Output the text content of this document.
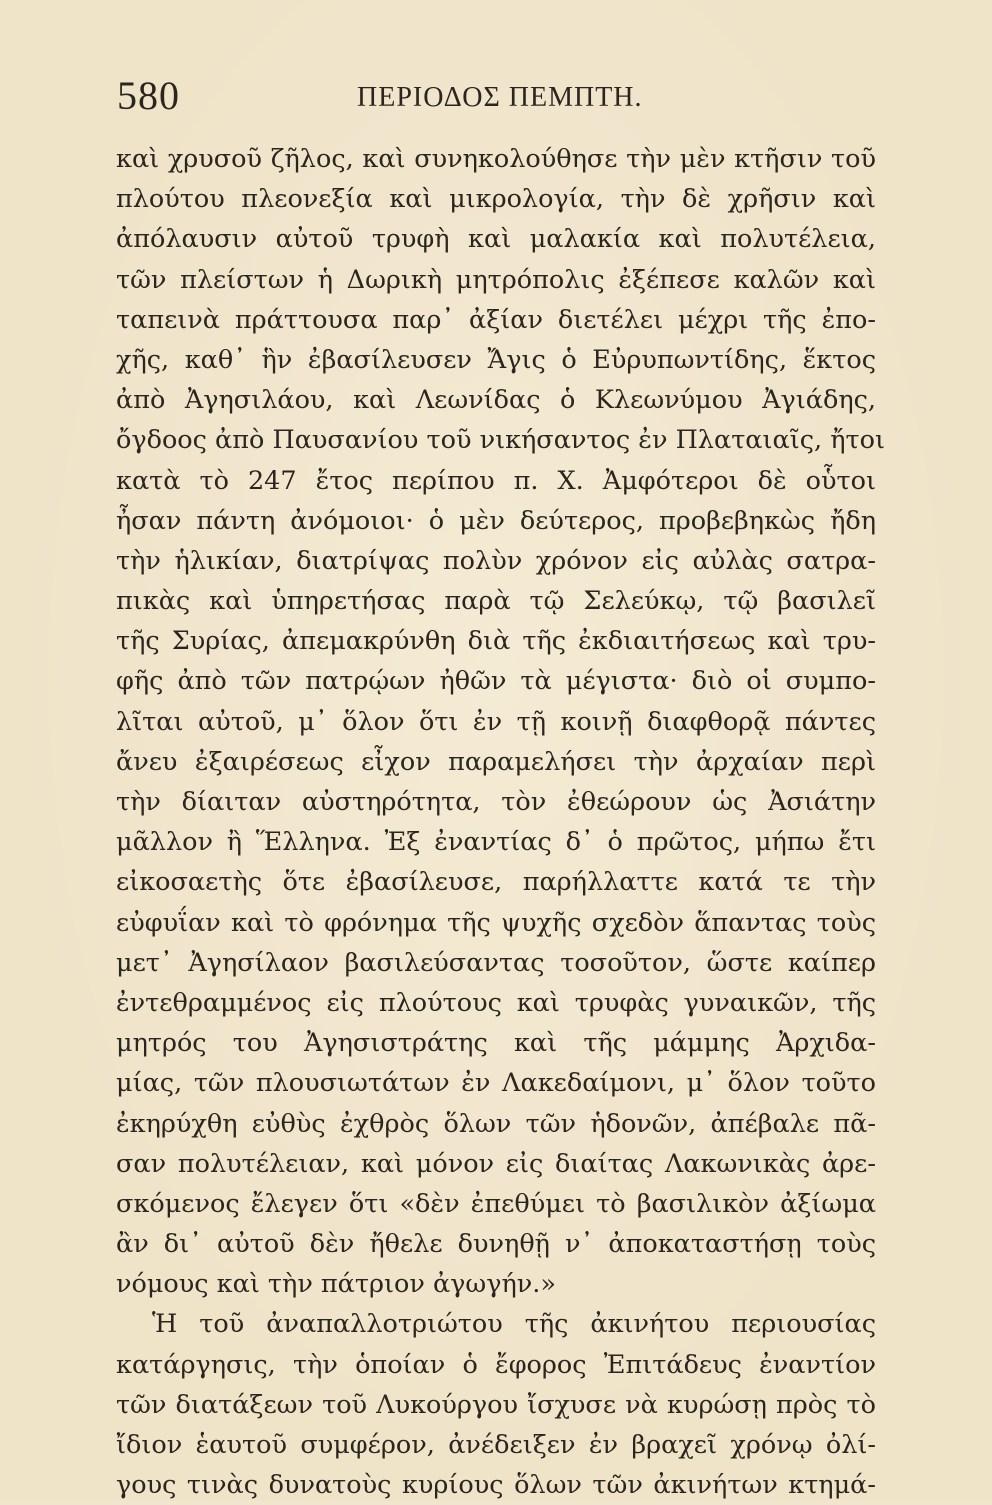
580	ΠΕΡΙΟΔΟΣ ΠΕΜΠΤΗ.
καὶ χρυσοῦ ζῆλος, καὶ συνηκολούθησε τὴν μὲν κτῆσιν τοῦ
πλούτου πλεονεξία καὶ μικρολογία, τὴν δὲ χρῆσιν καὶ
ἀπόλαυσιν αὐτοῦ τρυφὴ καὶ μαλακία καὶ πολυτέλεια,
τῶν πλείστων ἡ Δωρικὴ μητρόπολις ἐξέπεσε καλῶν καὶ
ταπεινὰ πράττουσα παρ᾽ ἀξίαν διετέλει μέχρι τῆς ἐπο-
χῆς, καθ᾽ ἣν ἐβασίλευσεν Ἄγις ὁ Εὐρυπωντίδης, ἕκτος
ἀπὸ Ἀγησιλάου, καὶ Λεωνίδας ὁ Κλεωνύμου Ἀγιάδης,
ὄγδοος ἀπὸ Παυσανίου τοῦ νικήσαντος ἐν Πλαταιαῖς, ἤτοι
κατὰ τὸ 247 ἔτος περίπου π. Χ. Ἀμφότεροι δὲ οὗτοι
ἦσαν πάντη ἀνόμοιοι· ὁ μὲν δεύτερος, προβεβηκὼς ἤδη
τὴν ἡλικίαν, διατρίψας πολὺν χρόνον εἰς αὐλὰς σατρα-
πικὰς καὶ ὑπηρετήσας παρὰ τῷ Σελεύκῳ, τῷ βασιλεῖ
τῆς Συρίας, ἀπεμακρύνθη διὰ τῆς ἐκδιαιτήσεως καὶ τρυ-
φῆς ἀπὸ τῶν πατρῴων ἠθῶν τὰ μέγιστα· διὸ οἱ συμπο-
λῖται αὐτοῦ, μ᾽ ὅλον ὅτι ἐν τῇ κοινῇ διαφθορᾷ πάντες
ἄνευ ἐξαιρέσεως εἶχον παραμελήσει τὴν ἀρχαίαν περὶ
τὴν δίαιταν αὐστηρότητα, τὸν ἐθεώρουν ὡς Ἀσιάτην
μᾶλλον ἢ Ἕλληνα. Ἐξ ἐναντίας δ᾽ ὁ πρῶτος, μήπω ἔτι
εἰκοσαετὴς ὅτε ἐβασίλευσε, παρήλλαττε κατά τε τὴν
εὐφυΐαν καὶ τὸ φρόνημα τῆς ψυχῆς σχεδὸν ἅπαντας τοὺς
μετ᾽ Ἀγησίλαον βασιλεύσαντας τοσοῦτον, ὥστε καίπερ
ἐντεθραμμένος εἰς πλούτους καὶ τρυφὰς γυναικῶν, τῆς
μητρός του Ἀγησιστράτης καὶ τῆς μάμμης Ἀρχιδα-
μίας, τῶν πλουσιωτάτων ἐν Λακεδαίμονι, μ᾽ ὅλον τοῦτο
ἐκηρύχθη εὐθὺς ἐχθρὸς ὅλων τῶν ἡδονῶν, ἀπέβαλε πᾶ-
σαν πολυτέλειαν, καὶ μόνον εἰς διαίτας Λακωνικὰς ἀρε-
σκόμενος ἔλεγεν ὅτι «δὲν ἐπεθύμει τὸ βασιλικὸν ἀξίωμα
ἂν δι᾽ αὐτοῦ δὲν ἤθελε δυνηθῇ ν᾽ ἀποκαταστήσῃ τοὺς
νόμους καὶ τὴν πάτριον ἀγωγήν.»
Ἡ τοῦ ἀναπαλλοτριώτου τῆς ἀκινήτου περιουσίας
κατάργησις, τὴν ὁποίαν ὁ ἔφορος Ἐπιτάδευς ἐναντίον
τῶν διατάξεων τοῦ Λυκούργου ἴσχυσε νὰ κυρώσῃ πρὸς τὸ
ἴδιον ἑαυτοῦ συμφέρον, ἀνέδειξεν ἐν βραχεῖ χρόνῳ ὀλί-
γους τινὰς δυνατοὺς κυρίους ὅλων τῶν ἀκινήτων κτημά-
